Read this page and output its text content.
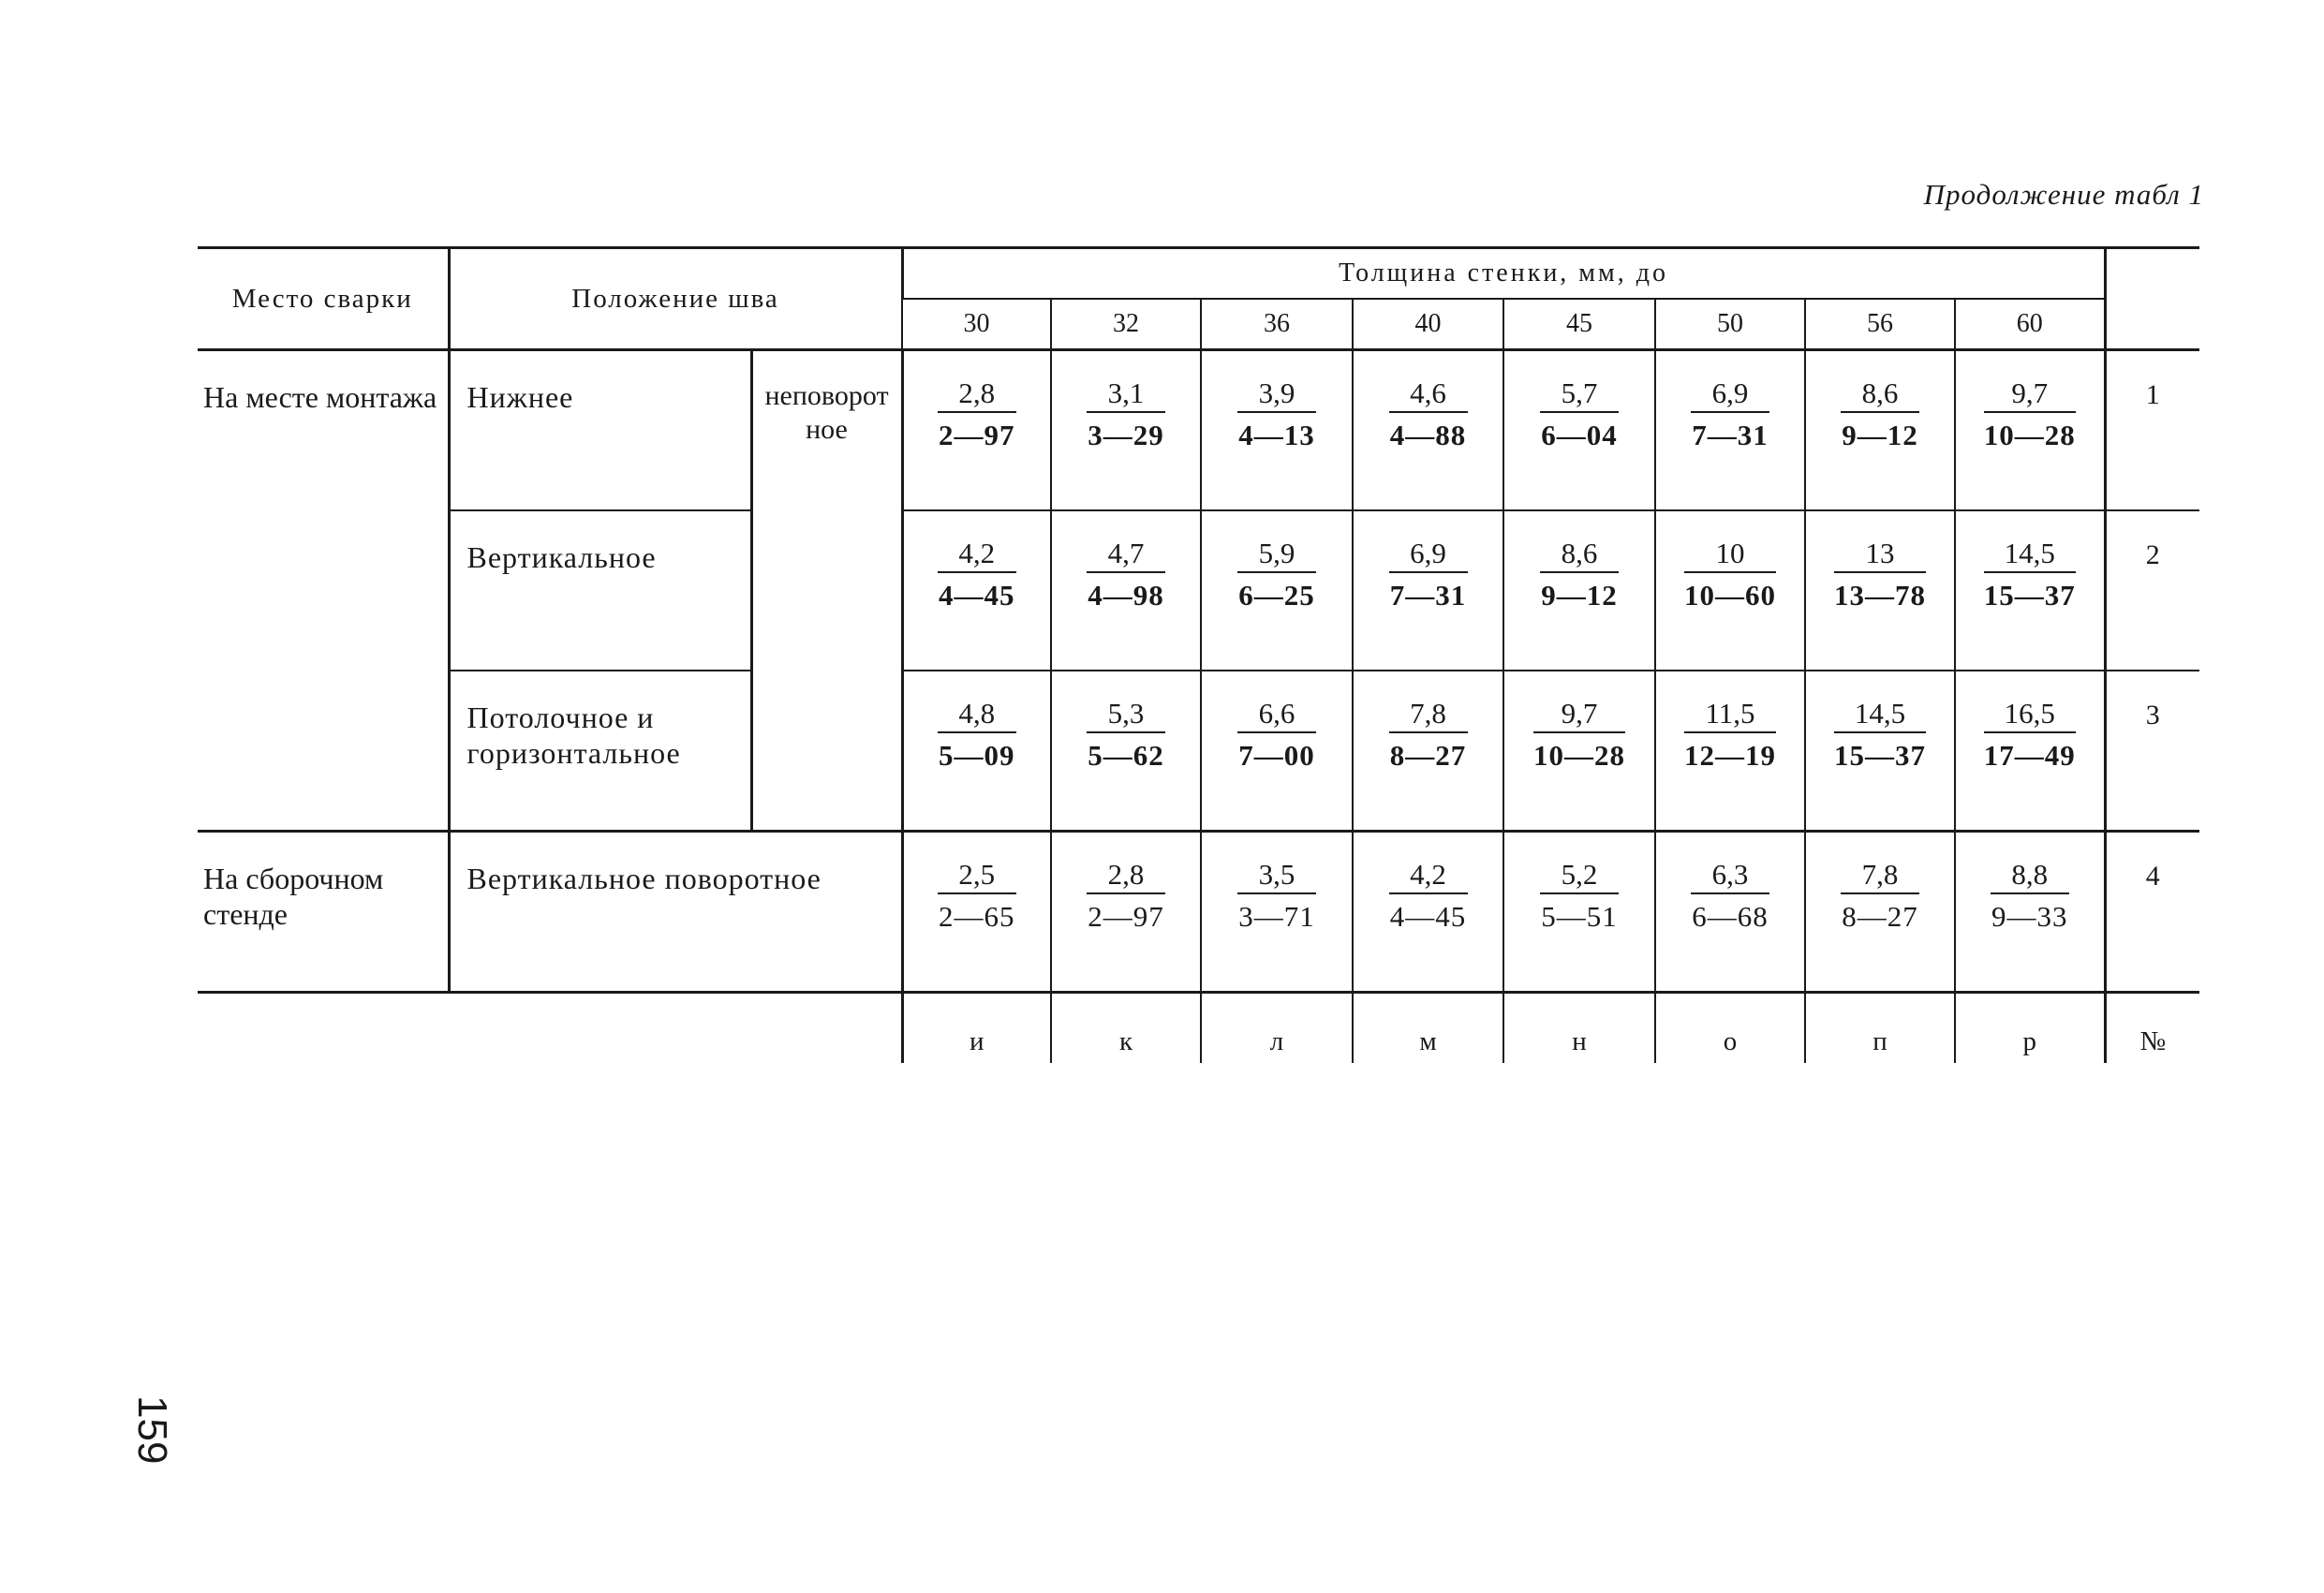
Продолжение табл 1
Место сварки	Положение шва		Толщина стенки, мм, до								
			30	32	36	40	45	50	56	60	
На месте монтажа	Нижнее	неповоротное	$\frac{2,8}{2—97}$	$\frac{3,1}{3—29}$	$\frac{3,9}{4—13}$	$\frac{4,6}{4—88}$	$\frac{5,7}{6—04}$	$\frac{6,9}{7—31}$	$\frac{8,6}{9—12}$	$\frac{9,7}{10—28}$	1
	Вертикальное		$\frac{4,2}{4—45}$	$\frac{4,7}{4—98}$	$\frac{5,9}{6—25}$	$\frac{6,9}{7—31}$	$\frac{8,6}{9—12}$	$\frac{10}{10—60}$	$\frac{13}{13—78}$	$\frac{14,5}{15—37}$	2
	Потолочное и горизонтальное		$\frac{4,8}{5—09}$	$\frac{5,3}{5—62}$	$\frac{6,6}{7—00}$	$\frac{7,8}{8—27}$	$\frac{9,7}{10—28}$	$\frac{11,5}{12—19}$	$\frac{14,5}{15—37}$	$\frac{16,5}{17—49}$	3
На сборочном стенде	Вертикальное поворотное		$\frac{2,5}{2—65}$	$\frac{2,8}{2—97}$	$\frac{3,5}{3—71}$	$\frac{4,2}{4—45}$	$\frac{5,2}{5—51}$	$\frac{6,3}{6—68}$	$\frac{7,8}{8—27}$	$\frac{8,8}{9—33}$	4
			и	к	л	м	н	о	п	р	№
159
